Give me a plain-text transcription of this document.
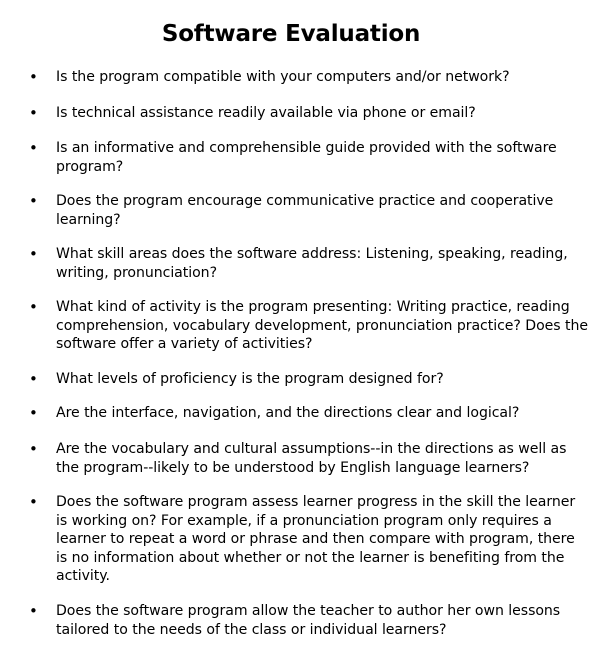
Software Evaluation
• Is the program compatible with your computers and/or network?
• Is technical assistance readily available via phone or email?
• Is an informative and comprehensible guide provided with the software program?
• Does the program encourage communicative practice and cooperative learning?
• What skill areas does the software address: Listening, speaking, reading, writing, pronunciation?
• What kind of activity is the program presenting: Writing practice, reading comprehension, vocabulary development, pronunciation practice? Does the software offer a variety of activities?
• What levels of proficiency is the program designed for?
• Are the interface, navigation, and the directions clear and logical?
• Are the vocabulary and cultural assumptions--in the directions as well as the program--likely to be understood by English language learners?
• Does the software program assess learner progress in the skill the learner is working on? For example, if a pronunciation program only requires a learner to repeat a word or phrase and then compare with program, there is no information about whether or not the learner is benefiting from the activity.
• Does the software program allow the teacher to author her own lessons tailored to the needs of the class or individual learners?
